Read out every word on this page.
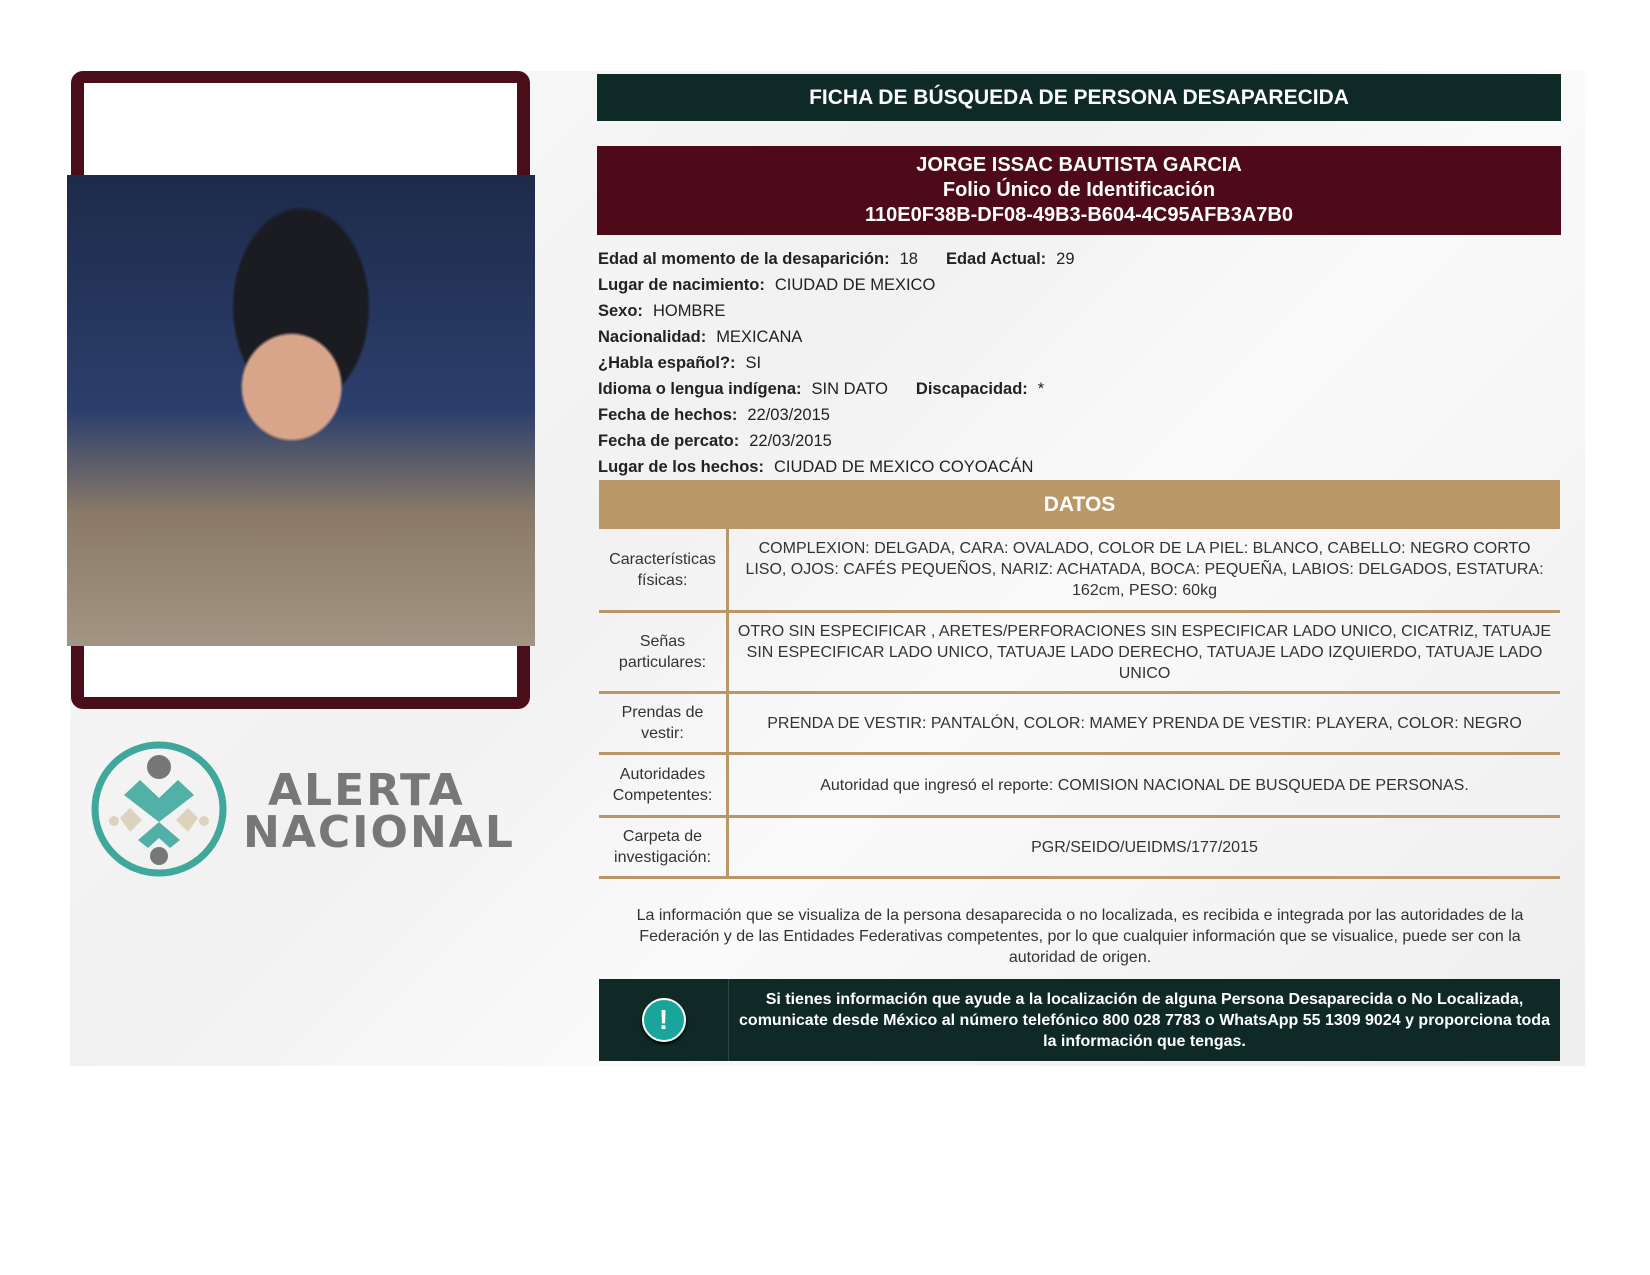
ALERTA
NACIONAL
FICHA DE BÚSQUEDA DE PERSONA DESAPARECIDA
JORGE ISSAC BAUTISTA GARCIA
Folio Único de Identificación
110E0F38B-DF08-49B3-B604-4C95AFB3A7B0
Edad al momento de la desaparición: 18 Edad Actual: 29
Lugar de nacimiento: CIUDAD DE MEXICO
Sexo: HOMBRE
Nacionalidad: MEXICANA
¿Habla español?: SI
Idioma o lengua indígena: SIN DATO Discapacidad: *
Fecha de hechos: 22/03/2015
Fecha de percato: 22/03/2015
Lugar de los hechos: CIUDAD DE MEXICO COYOACÁN
DATOS
Características físicas:
COMPLEXION: DELGADA, CARA: OVALADO, COLOR DE LA PIEL: BLANCO, CABELLO: NEGRO CORTO LISO, OJOS: CAFÉS PEQUEÑOS, NARIZ: ACHATADA, BOCA: PEQUEÑA, LABIOS: DELGADOS, ESTATURA: 162cm, PESO: 60kg
Señas particulares:
OTRO SIN ESPECIFICAR , ARETES/PERFORACIONES SIN ESPECIFICAR LADO UNICO, CICATRIZ, TATUAJE SIN ESPECIFICAR LADO UNICO, TATUAJE LADO DERECHO, TATUAJE LADO IZQUIERDO, TATUAJE LADO UNICO
Prendas de vestir:
PRENDA DE VESTIR: PANTALÓN, COLOR: MAMEY PRENDA DE VESTIR: PLAYERA, COLOR: NEGRO
Autoridades Competentes:
Autoridad que ingresó el reporte: COMISION NACIONAL DE BUSQUEDA DE PERSONAS.
Carpeta de investigación:
PGR/SEIDO/UEIDMS/177/2015
La información que se visualiza de la persona desaparecida o no localizada, es recibida e integrada por las autoridades de la Federación y de las Entidades Federativas competentes, por lo que cualquier información que se visualice, puede ser con la autoridad de origen.
!
Si tienes información que ayude a la localización de alguna Persona Desaparecida o No Localizada, comunicate desde México al número telefónico 800 028 7783 o WhatsApp 55 1309 9024 y proporciona toda la información que tengas.
